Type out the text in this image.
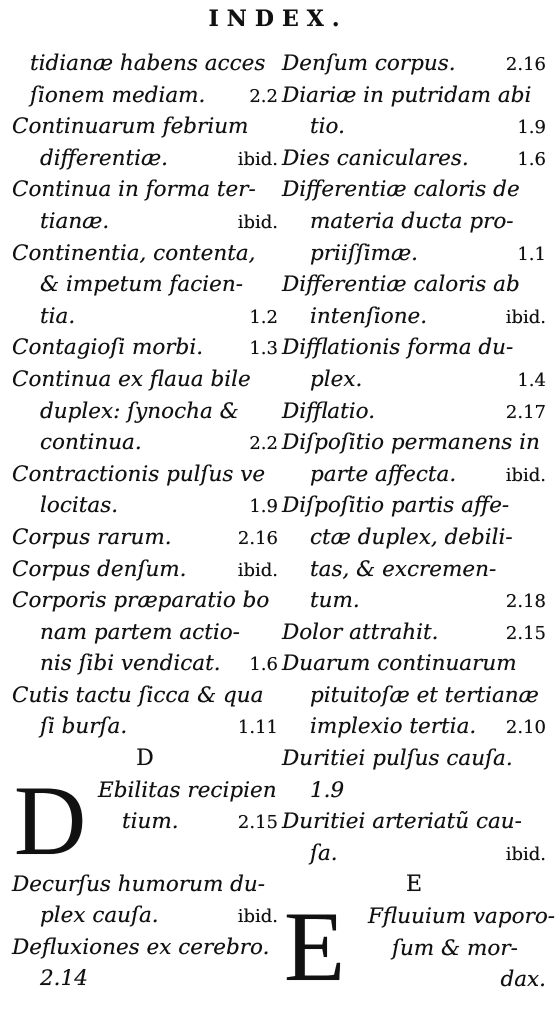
INDEX.
tidianæ habens acces
ſionem mediam. 2.2
Continuarum febrium
differentiæ.	ibid.
Continua in forma ter-
tianæ.	ibid.
Continentia, contenta,
& impetum facien-
tia.	1.2
Contagioſi morbi.	1.3
Continua ex flaua bile
duplex: ſynocha &
continua.	2.2
Contractionis pulſus ve
locitas.	1.9
Corpus rarum.	2.16
Corpus denſum.	ibid.
Corporis præparatio bo
nam partem actio-
nis ſibi vendicat. 1.6
Cutis tactu ſicca & qua
ſi burſa.	1.11
D
D Ebilitas recipien
tium.	2.15
Decurſus humorum du-
plex cauſa.	ibid.
Defluxiones ex cerebro.
2.14
Denſum corpus.	2.16
Diariæ in putridam abi
tio.	1.9
Dies caniculares.	1.6
Differentiæ caloris de
materia ducta pro-
priiſſimæ.	1.1
Differentiæ caloris ab
intenſione.	ibid.
Difflationis forma du-
plex.	1.4
Difflatio.	2.17
Diſpoſitio permanens in
parte affecta.	ibid.
Diſpoſitio partis affe-
ctæ duplex, debili-
tas, & excremen-
tum.	2.18
Dolor attrahit.	2.15
Duarum continuarum
pituitoſæ et tertianæ
implexio tertia. 2.10
Duritiei pulſus cauſa.
1.9
Duritiei arteriatũ cau-
ſa.	ibid.
E
E Ffluuium vaporo-
ſum & mor-
dax.
